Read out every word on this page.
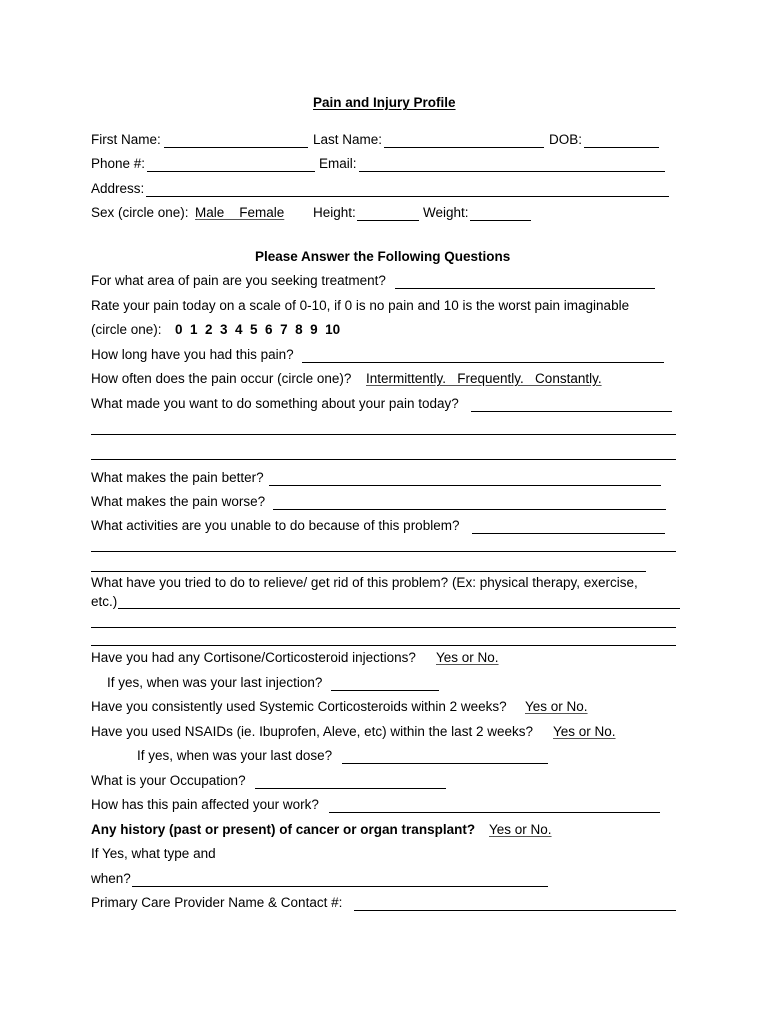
Pain and Injury Profile
First Name:	Last Name:	DOB:
Phone #:	Email:
Address:
Sex (circle one): Male    Female Height:	Weight:
Please Answer the Following Questions
For what area of pain are you seeking treatment?
Rate your pain today on a scale of 0-10, if 0 is no pain and 10 is the worst pain imaginable
(circle one): 0  1  2  3  4  5  6  7  8  9  10
How long have you had this pain?
How often does the pain occur (circle one)? Intermittently.   Frequently.   Constantly.
What made you want to do something about your pain today?
What makes the pain better?
What makes the pain worse?
What activities are you unable to do because of this problem?
What have you tried to do to relieve/ get rid of this problem? (Ex: physical therapy, exercise,
etc.)
Have you had any Cortisone/Corticosteroid injections? Yes or No.
If yes, when was your last injection?
Have you consistently used Systemic Corticosteroids within 2 weeks? Yes or No.
Have you used NSAIDs (ie. Ibuprofen, Aleve, etc) within the last 2 weeks? Yes or No.
If yes, when was your last dose?
What is your Occupation?
How has this pain affected your work?
Any history (past or present) of cancer or organ transplant? Yes or No.
If Yes, what type and
when?
Primary Care Provider Name & Contact #:
